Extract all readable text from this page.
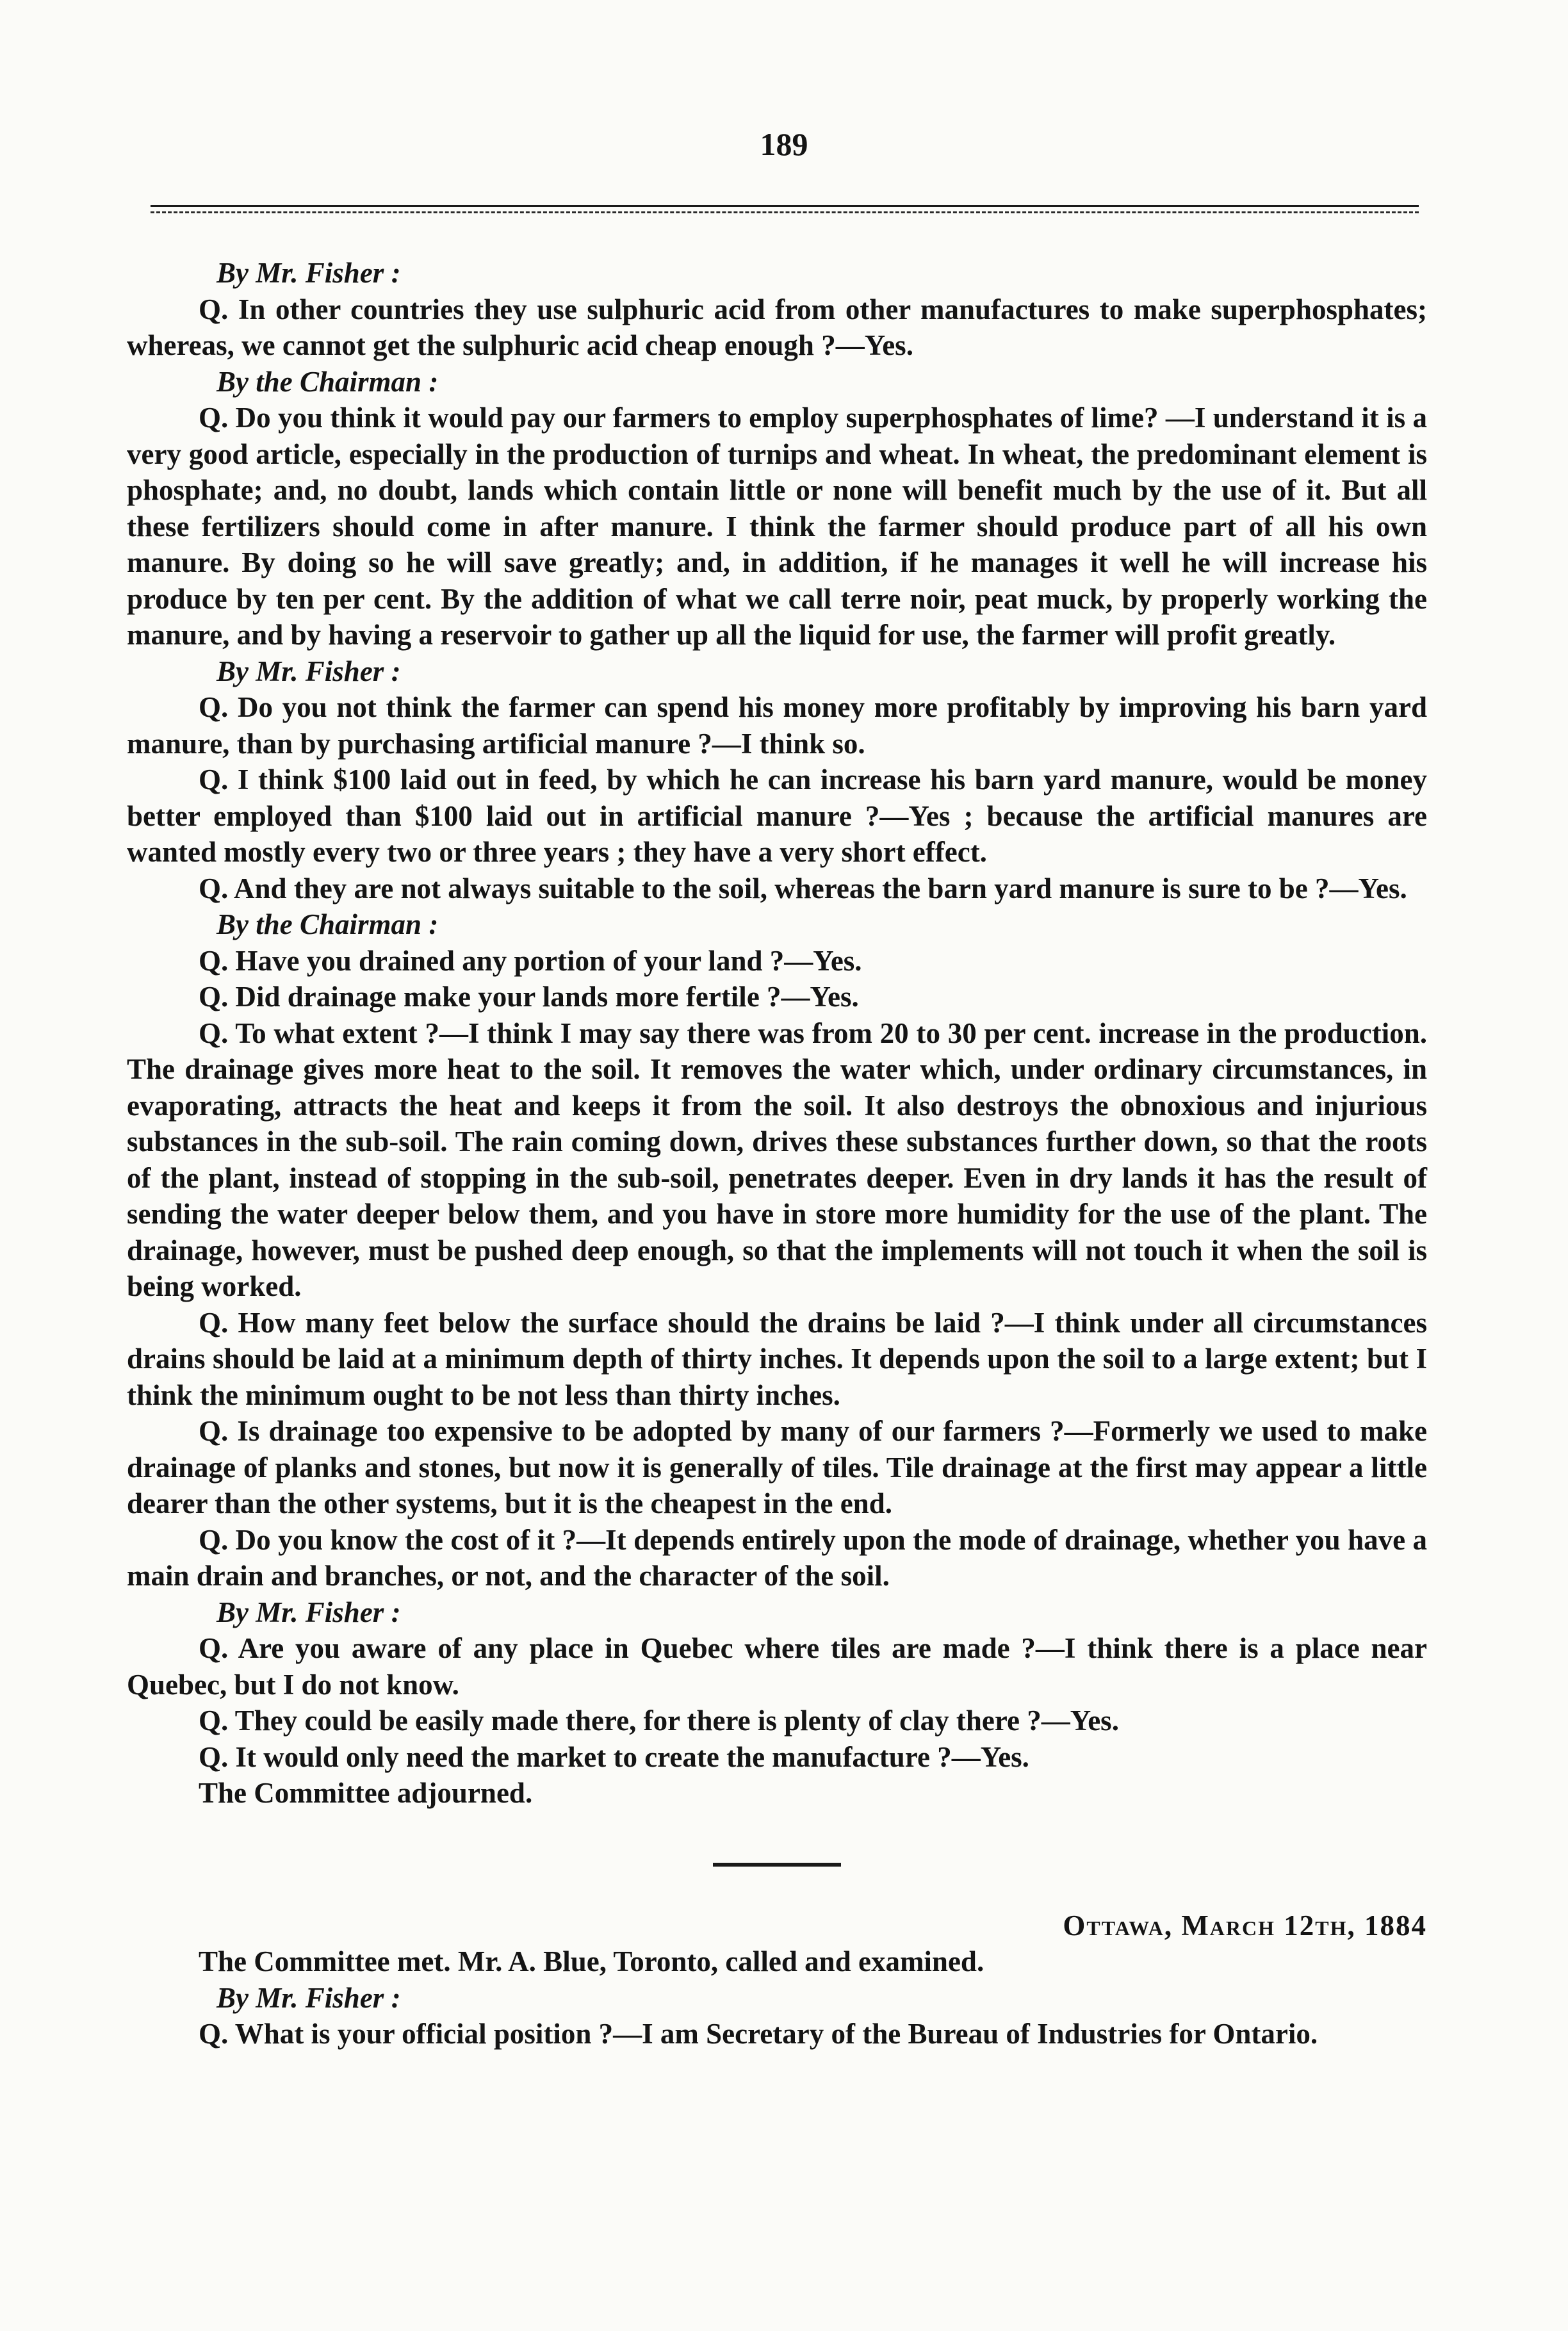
189
By Mr. Fisher :

Q. In other countries they use sulphuric acid from other manufactures to make superphosphates; whereas, we cannot get the sulphuric acid cheap enough ?—Yes.

By the Chairman :

Q. Do you think it would pay our farmers to employ superphosphates of lime? —I understand it is a very good article, especially in the production of turnips and wheat. In wheat, the predominant element is phosphate; and, no doubt, lands which contain little or none will benefit much by the use of it. But all these fertilizers should come in after manure. I think the farmer should produce part of all his own manure. By doing so he will save greatly; and, in addition, if he manages it well he will increase his produce by ten per cent. By the addition of what we call terre noir, peat muck, by properly working the manure, and by having a reservoir to gather up all the liquid for use, the farmer will profit greatly.

By Mr. Fisher :

Q. Do you not think the farmer can spend his money more profitably by improving his barn yard manure, than by purchasing artificial manure ?—I think so.

Q. I think $100 laid out in feed, by which he can increase his barn yard manure, would be money better employed than $100 laid out in artificial manure ?—Yes ; because the artificial manures are wanted mostly every two or three years ; they have a very short effect.

Q. And they are not always suitable to the soil, whereas the barn yard manure is sure to be ?—Yes.

By the Chairman :

Q. Have you drained any portion of your land ?—Yes.

Q. Did drainage make your lands more fertile ?—Yes.

Q. To what extent ?—I think I may say there was from 20 to 30 per cent. increase in the production. The drainage gives more heat to the soil. It removes the water which, under ordinary circumstances, in evaporating, attracts the heat and keeps it from the soil. It also destroys the obnoxious and injurious substances in the sub-soil. The rain coming down, drives these substances further down, so that the roots of the plant, instead of stopping in the sub-soil, penetrates deeper. Even in dry lands it has the result of sending the water deeper below them, and you have in store more humidity for the use of the plant. The drainage, however, must be pushed deep enough, so that the implements will not touch it when the soil is being worked.

Q. How many feet below the surface should the drains be laid ?—I think under all circumstances drains should be laid at a minimum depth of thirty inches. It depends upon the soil to a large extent; but I think the minimum ought to be not less than thirty inches.

Q. Is drainage too expensive to be adopted by many of our farmers ?—Formerly we used to make drainage of planks and stones, but now it is generally of tiles. Tile drainage at the first may appear a little dearer than the other systems, but it is the cheapest in the end.

Q. Do you know the cost of it ?—It depends entirely upon the mode of drainage, whether you have a main drain and branches, or not, and the character of the soil.

By Mr. Fisher :

Q. Are you aware of any place in Quebec where tiles are made ?—I think there is a place near Quebec, but I do not know.

Q. They could be easily made there, for there is plenty of clay there ?—Yes.

Q. It would only need the market to create the manufacture ?—Yes.

The Committee adjourned.

Ottawa, March 12th, 1884

The Committee met. Mr. A. Blue, Toronto, called and examined.

By Mr. Fisher :

Q. What is your official position ?—I am Secretary of the Bureau of Industries for Ontario.
